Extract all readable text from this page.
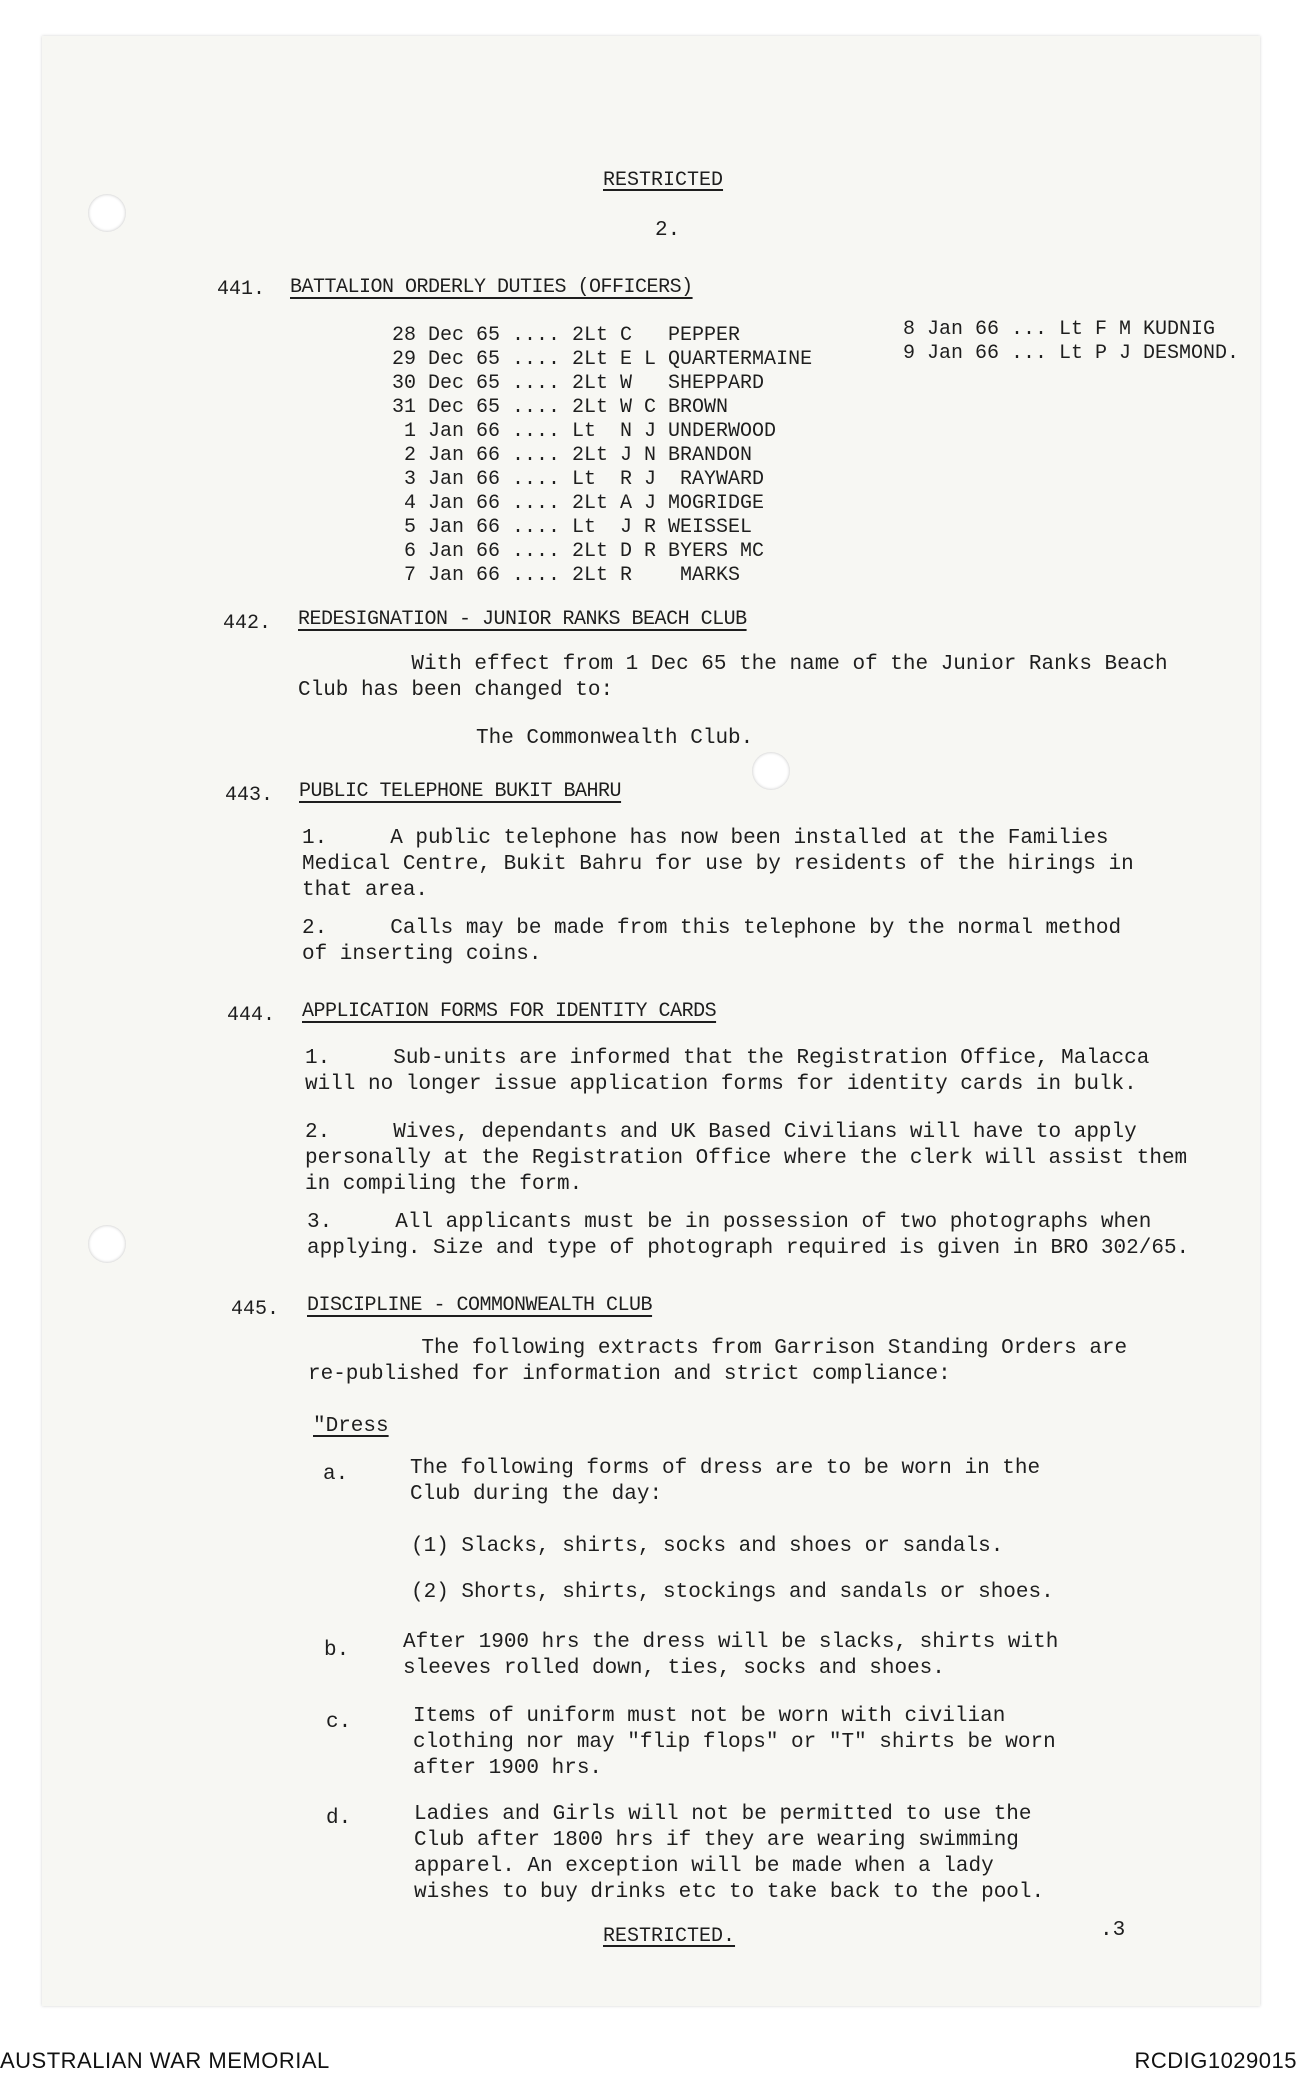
RESTRICTED
2.
441. BATTALION ORDERLY DUTIES (OFFICERS)
28 Dec 65 .... 2Lt C   PEPPER
29 Dec 65 .... 2Lt E L QUARTERMAINE
30 Dec 65 .... 2Lt W   SHEPPARD
31 Dec 65 .... 2Lt W C BROWN
1 Jan 66 .... Lt  N J UNDERWOOD
2 Jan 66 .... 2Lt J N BRANDON
3 Jan 66 .... Lt  R J  RAYWARD
4 Jan 66 .... 2Lt A J MOGRIDGE
5 Jan 66 .... Lt  J R WEISSEL
6 Jan 66 .... 2Lt D R BYERS MC
7 Jan 66 .... 2Lt R    MARKS
8 Jan 66 ... Lt F M KUDNIG
9 Jan 66 ... Lt P J DESMOND.
442. REDESIGNATION - JUNIOR RANKS BEACH CLUB
With effect from 1 Dec 65 the name of the Junior Ranks Beach
Club has been changed to:
The Commonwealth Club.
443. PUBLIC TELEPHONE BUKIT BAHRU
1.     A public telephone has now been installed at the Families
Medical Centre, Bukit Bahru for use by residents of the hirings in
that area.
2.     Calls may be made from this telephone by the normal method
of inserting coins.
444. APPLICATION FORMS FOR IDENTITY CARDS
1.     Sub-units are informed that the Registration Office, Malacca
will no longer issue application forms for identity cards in bulk.
2.     Wives, dependants and UK Based Civilians will have to apply
personally at the Registration Office where the clerk will assist them
in compiling the form.
3.     All applicants must be in possession of two photographs when
applying. Size and type of photograph required is given in BRO 302/65.
445. DISCIPLINE - COMMONWEALTH CLUB
The following extracts from Garrison Standing Orders are
re-published for information and strict compliance:
"Dress
a.	The following forms of dress are to be worn in the
Club during the day:
(1) Slacks, shirts, socks and shoes or sandals.
(2) Shorts, shirts, stockings and sandals or shoes.
b.	After 1900 hrs the dress will be slacks, shirts with
sleeves rolled down, ties, socks and shoes.
c.	Items of uniform must not be worn with civilian
clothing nor may "flip flops" or "T" shirts be worn
after 1900 hrs.
d.	Ladies and Girls will not be permitted to use the
Club after 1800 hrs if they are wearing swimming
apparel. An exception will be made when a lady
wishes to buy drinks etc to take back to the pool.
RESTRICTED.	.3
AUSTRALIAN WAR MEMORIAL	RCDIG1029015
